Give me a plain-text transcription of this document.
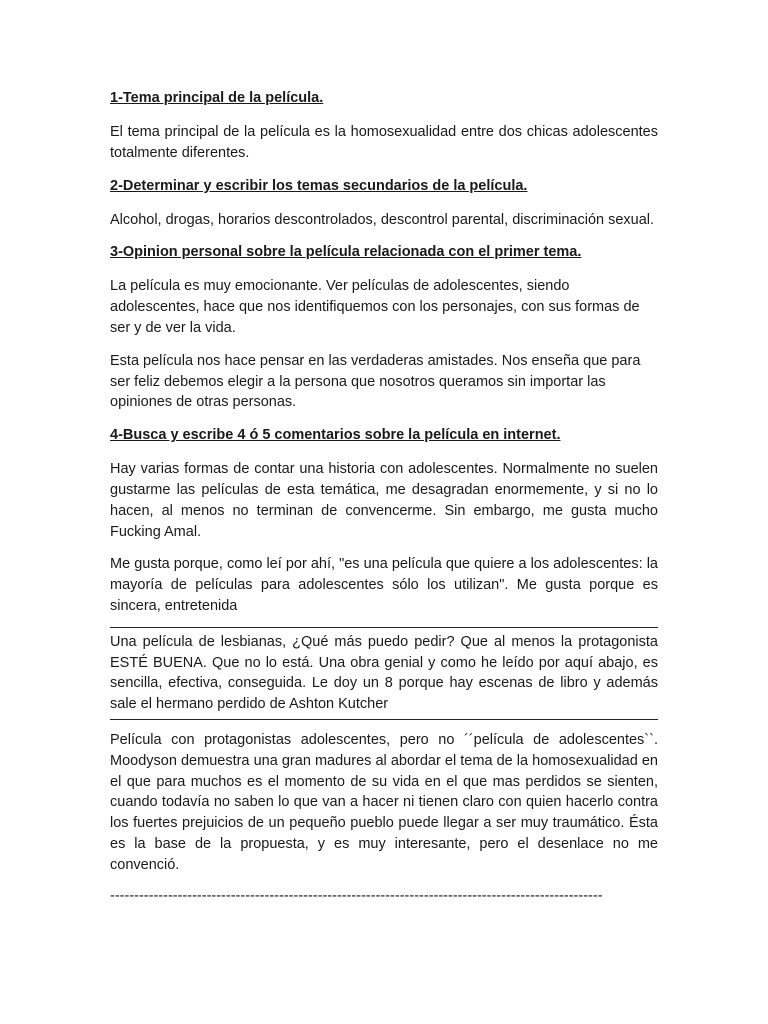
1-Tema principal de la película.

El tema principal de la película es la homosexualidad entre dos chicas adolescentes totalmente diferentes.

2-Determinar y escribir los temas secundarios de la película.

Alcohol, drogas, horarios descontrolados, descontrol parental, discriminación sexual.

3-Opinion personal sobre la película relacionada con el primer tema.

La película es muy emocionante. Ver películas de adolescentes, siendo adolescentes, hace que nos identifiquemos con los personajes, con sus formas de ser y de ver la vida.

Esta película nos hace pensar en las verdaderas amistades. Nos enseña que para ser feliz debemos elegir a la persona que nosotros queramos sin importar las opiniones de otras personas.

4-Busca y escribe 4 ó 5 comentarios sobre la película en internet.

Hay varias formas de contar una historia con adolescentes. Normalmente no suelen gustarme las películas de esta temática, me desagradan enormemente, y si no lo hacen, al menos no terminan de convencerme. Sin embargo, me gusta mucho Fucking Amal.

Me gusta porque, como leí por ahí, "es una película que quiere a los adolescentes: la mayoría de películas para adolescentes sólo los utilizan". Me gusta porque es sincera, entretenida

Una película de lesbianas, ¿Qué más puedo pedir? Que al menos la protagonista ESTÉ BUENA. Que no lo está. Una obra genial y como he leído por aquí abajo, es sencilla, efectiva, conseguida. Le doy un 8 porque hay escenas de libro y además sale el hermano perdido de Ashton Kutcher

Película con protagonistas adolescentes, pero no ´´película de adolescentes``. Moodyson demuestra una gran madures al abordar el tema de la homosexualidad en el que para muchos es el momento de su vida en el que mas perdidos se sienten, cuando todavía no saben lo que van a hacer ni tienen claro con quien hacerlo contra los fuertes prejuicios de un pequeño pueblo puede llegar a ser muy traumático. Ésta es la base de la propuesta, y es muy interesante, pero el desenlace no me convenció.

------------------------------------------------------------------------------------------------------
